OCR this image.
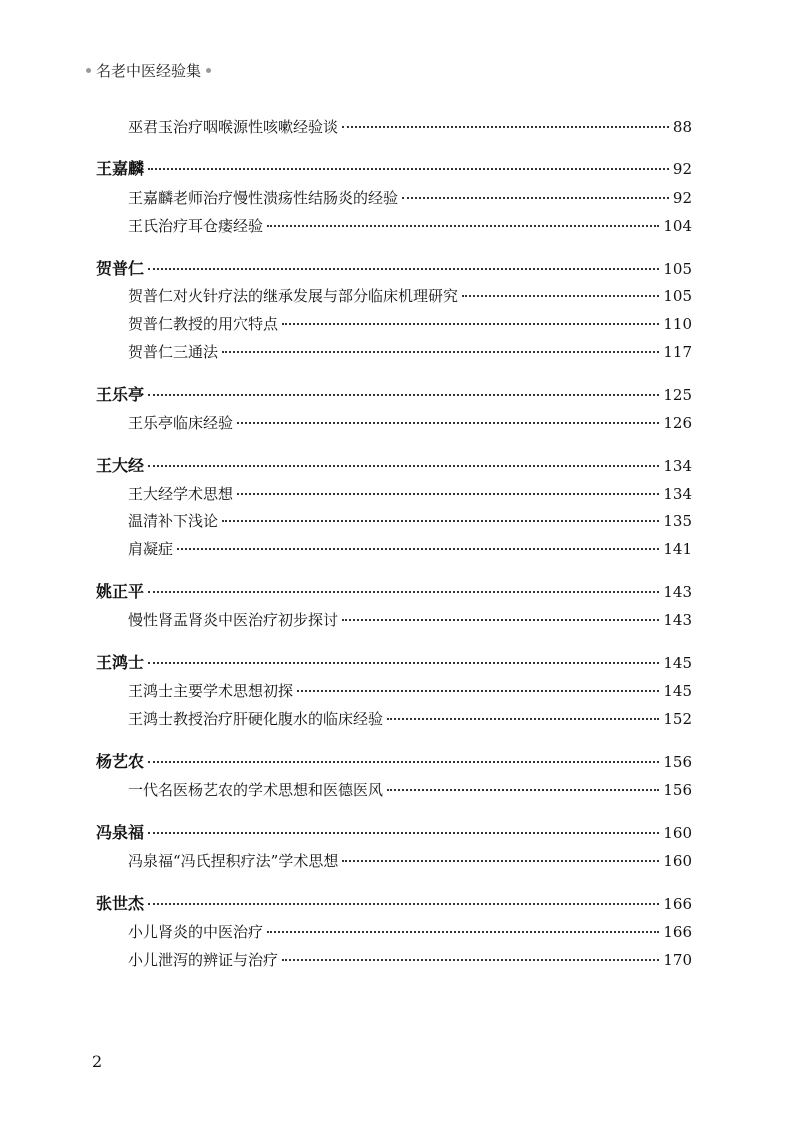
名老中医经验集
巫君玉治疗咽喉源性咳嗽经验谈	88
王嘉麟	92
王嘉麟老师治疗慢性溃疡性结肠炎的经验	92
王氏治疗耳仓瘘经验	104
贺普仁	105
贺普仁对火针疗法的继承发展与部分临床机理研究	105
贺普仁教授的用穴特点	110
贺普仁三通法	117
王乐亭	125
王乐亭临床经验	126
王大经	134
王大经学术思想	134
温清补下浅论	135
肩凝症	141
姚正平	143
慢性肾盂肾炎中医治疗初步探讨	143
王鸿士	145
王鸿士主要学术思想初探	145
王鸿士教授治疗肝硬化腹水的临床经验	152
杨艺农	156
一代名医杨艺农的学术思想和医德医风	156
冯泉福	160
冯泉福“冯氏捏积疗法”学术思想	160
张世杰	166
小儿肾炎的中医治疗	166
小儿泄泻的辨证与治疗	170
2
